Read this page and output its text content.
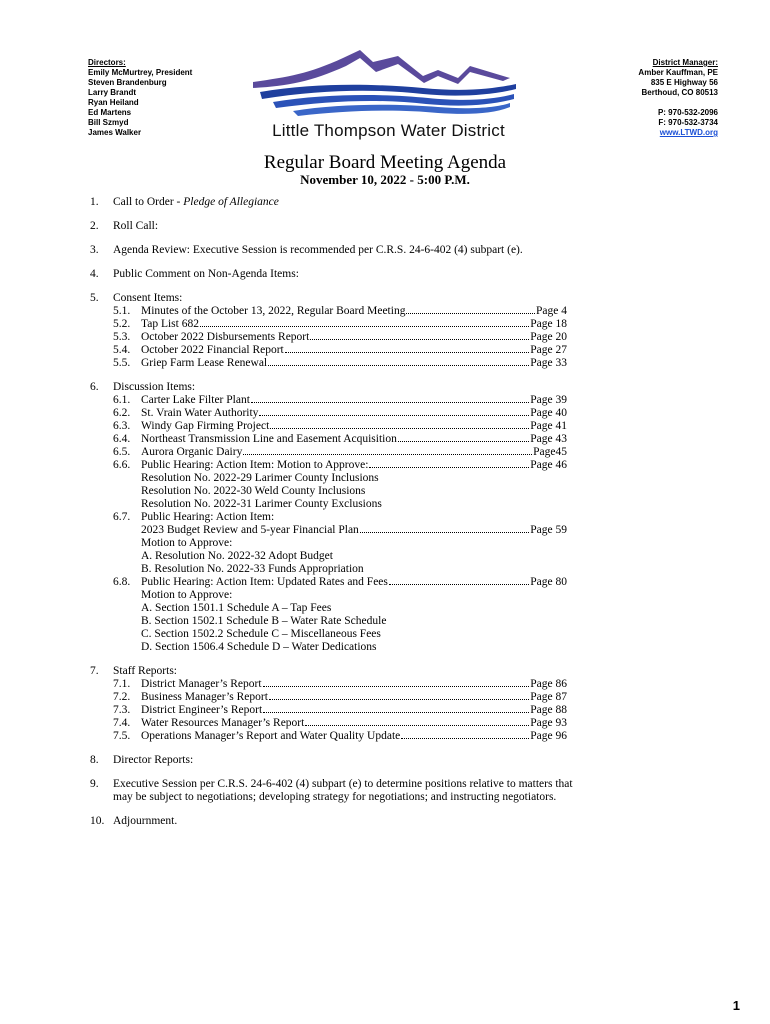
Directors:
Emily McMurtrey, President
Steven Brandenburg
Larry Brandt
Ryan Heiland
Ed Martens
Bill Szmyd
James Walker	Little Thompson Water District
District Manager:
Amber Kauffman, PE
835 E Highway 56
Berthoud, CO 80513
P: 970-532-2096
F: 970-532-3734
www.LTWD.org
Regular Board Meeting Agenda
November 10, 2022 - 5:00 P.M.
1.	Call to Order - Pledge of Allegiance
2.	Roll Call:
3.	Agenda Review: Executive Session is recommended per C.R.S. 24-6-402 (4) subpart (e).
4.	Public Comment on Non-Agenda Items:
5.	Consent Items:
5.1. Minutes of the October 13, 2022, Regular Board Meeting	Page 4
5.2. Tap List 682	Page 18
5.3. October 2022 Disbursements Report	Page 20
5.4. October 2022 Financial Report	Page 27
5.5. Griep Farm Lease Renewal	Page 33
6.	Discussion Items:
6.1. Carter Lake Filter Plant	Page 39
6.2. St. Vrain Water Authority	Page 40
6.3. Windy Gap Firming Project	Page 41
6.4. Northeast Transmission Line and Easement Acquisition	Page 43
6.5. Aurora Organic Dairy	Page45
6.6. Public Hearing: Action Item: Motion to Approve:	Page 46
Resolution No. 2022-29 Larimer County Inclusions
Resolution No. 2022-30 Weld County Inclusions
Resolution No. 2022-31 Larimer County Exclusions
6.7. Public Hearing: Action Item:
2023 Budget Review and 5-year Financial Plan	Page 59
Motion to Approve:
A. Resolution No. 2022-32 Adopt Budget
B. Resolution No. 2022-33 Funds Appropriation
6.8. Public Hearing: Action Item: Updated Rates and Fees	Page 80
Motion to Approve:
A. Section 1501.1 Schedule A – Tap Fees
B. Section 1502.1 Schedule B – Water Rate Schedule
C. Section 1502.2 Schedule C – Miscellaneous Fees
D. Section 1506.4 Schedule D – Water Dedications
7.	Staff Reports:
7.1. District Manager’s Report	Page 86
7.2. Business Manager’s Report	Page 87
7.3. District Engineer’s Report	Page 88
7.4. Water Resources Manager’s Report	Page 93
7.5. Operations Manager’s Report and Water Quality Update	Page 96
8.	Director Reports:
9.	Executive Session per C.R.S. 24-6-402 (4) subpart (e) to determine positions relative to matters that
may be subject to negotiations; developing strategy for negotiations; and instructing negotiators.
10. Adjournment.
1
